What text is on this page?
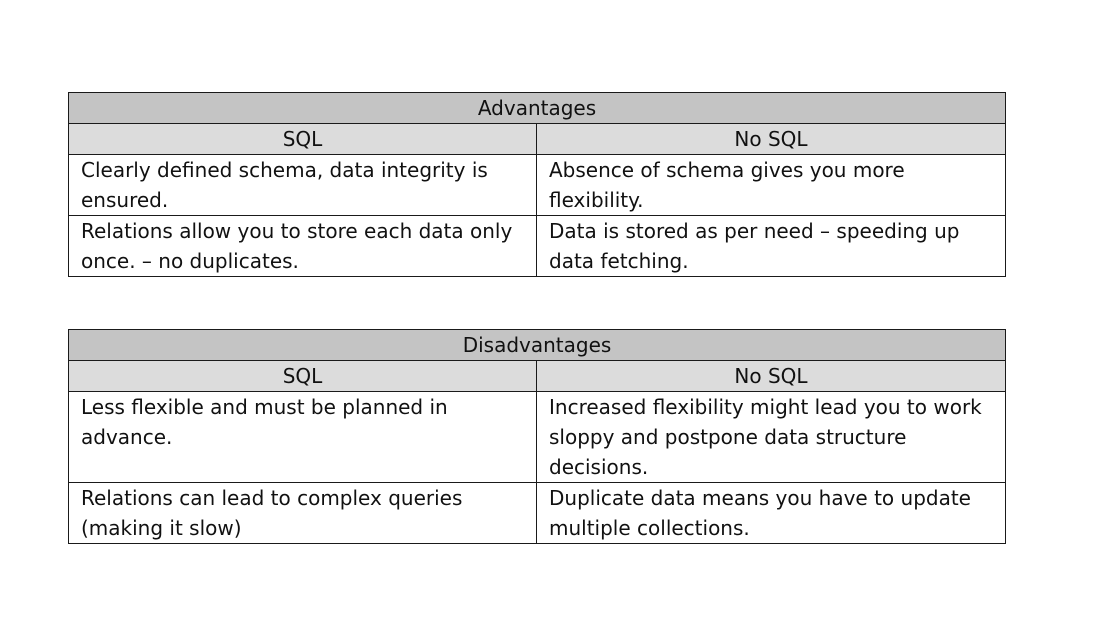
Advantages	
SQL	No SQL
Clearly defined schema, data integrity is ensured.	Absence of schema gives you more flexibility.
Relations allow you to store each data only once. – no duplicates.	Data is stored as per need – speeding up data fetching.
Disadvantages	
SQL	No SQL
Less flexible and must be planned in advance.	Increased flexibility might lead you to work sloppy and postpone data structure decisions.
Relations can lead to complex queries (making it slow)	Duplicate data means you have to update multiple collections.
